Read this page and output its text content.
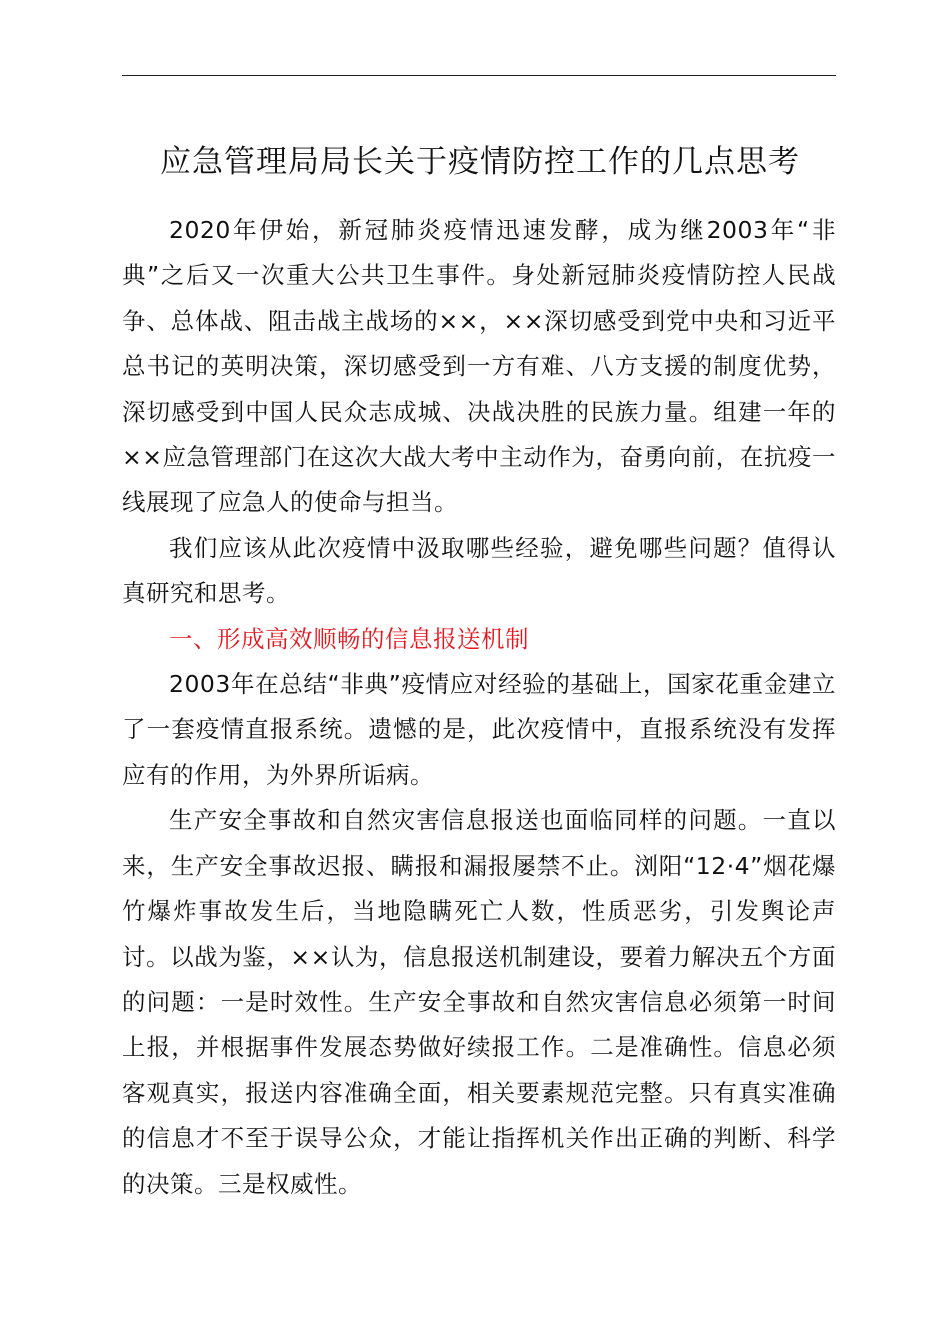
应急管理局局长关于疫情防控工作的几点思考

2020年伊始，新冠肺炎疫情迅速发酵，成为继2003年“非典”之后又一次重大公共卫生事件。身处新冠肺炎疫情防控人民战争、总体战、阻击战主战场的××，××深切感受到党中央和习近平总书记的英明决策，深切感受到一方有难、八方支援的制度优势，深切感受到中国人民众志成城、决战决胜的民族力量。组建一年的××应急管理部门在这次大战大考中主动作为，奋勇向前，在抗疫一线展现了应急人的使命与担当。

我们应该从此次疫情中汲取哪些经验，避免哪些问题？值得认真研究和思考。

一、形成高效顺畅的信息报送机制

2003年在总结“非典”疫情应对经验的基础上，国家花重金建立了一套疫情直报系统。遗憾的是，此次疫情中，直报系统没有发挥应有的作用，为外界所诟病。

生产安全事故和自然灾害信息报送也面临同样的问题。一直以来，生产安全事故迟报、瞒报和漏报屡禁不止。浏阳“12·4”烟花爆竹爆炸事故发生后，当地隐瞒死亡人数，性质恶劣，引发舆论声讨。以战为鉴，××认为，信息报送机制建设，要着力解决五个方面的问题：一是时效性。生产安全事故和自然灾害信息必须第一时间上报，并根据事件发展态势做好续报工作。二是准确性。信息必须客观真实，报送内容准确全面，相关要素规范完整。只有真实准确的信息才不至于误导公众，才能让指挥机关作出正确的判断、科学的决策。三是权威性。
